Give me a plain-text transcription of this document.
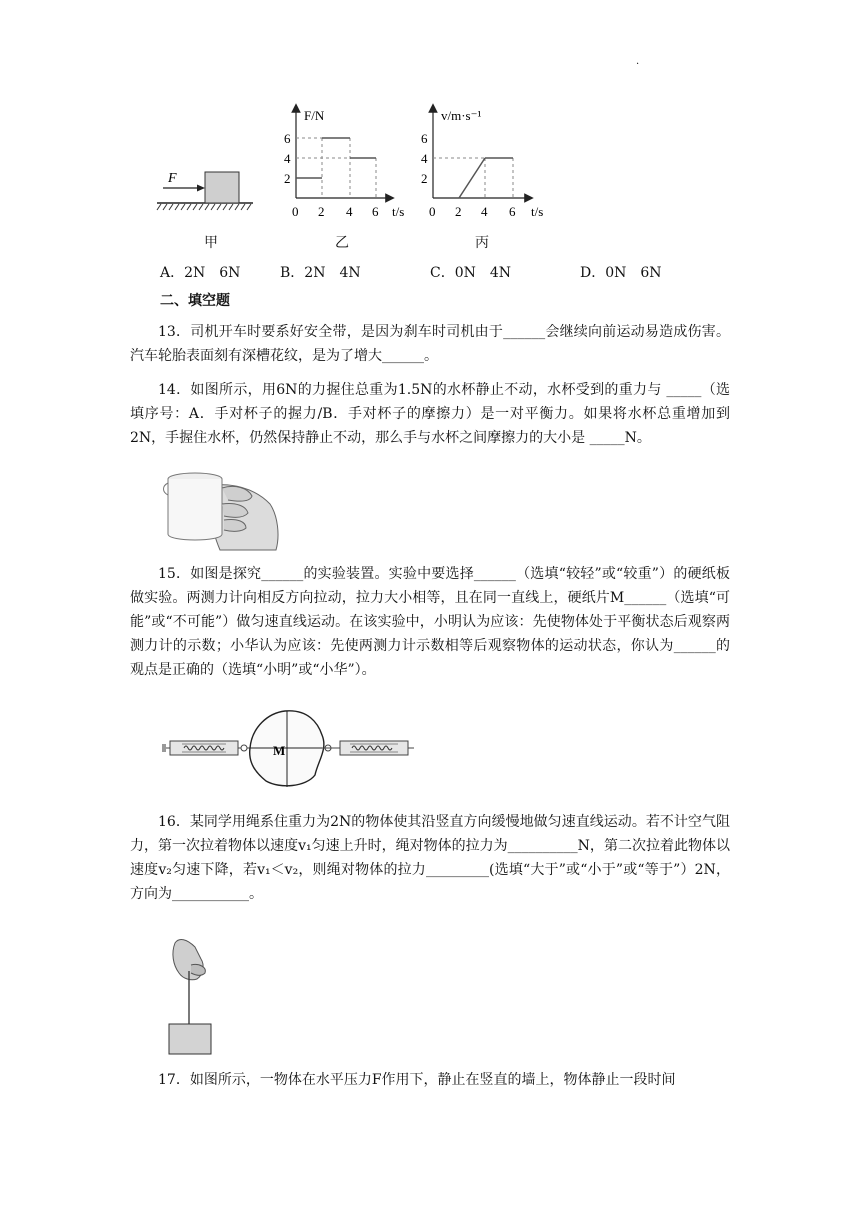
.
F
甲
F/N
t/s
2
4
6
0 2 4 6
乙
v/m·s⁻¹
t/s
2
4
6
0 2 4 6
丙
A．2N　6N	B．2N　4N	C．0N　4N	D．0N　6N
二、填空题
13．司机开车时要系好安全带，是因为刹车时司机由于______会继续向前运动易造成伤害。汽车轮胎表面刻有深槽花纹，是为了增大______。
14．如图所示，用6N的力握住总重为1.5N的水杯静止不动，水杯受到的重力与 _____（选填序号：A．手对杯子的握力/B．手对杯子的摩擦力）是一对平衡力。如果将水杯总重增加到2N，手握住水杯，仍然保持静止不动，那么手与水杯之间摩擦力的大小是 _____N。
15．如图是探究______的实验装置。实验中要选择______（选填“较轻”或“较重”）的硬纸板做实验。两测力计向相反方向拉动，拉力大小相等，且在同一直线上，硬纸片M______（选填“可能”或“不可能”）做匀速直线运动。在该实验中，小明认为应该：先使物体处于平衡状态后观察两测力计的示数；小华认为应该：先使两测力计示数相等后观察物体的运动状态，你认为______的观点是正确的（选填“小明”或“小华”）。
M
16．某同学用绳系住重力为2N的物体使其沿竖直方向缓慢地做匀速直线运动。若不计空气阻力，第一次拉着物体以速度v₁匀速上升时，绳对物体的拉力为__________N，第二次拉着此物体以速度v₂匀速下降，若v₁＜v₂，则绳对物体的拉力_________(选填“大于”或“小于”或“等于”）2N，方向为___________。
17．如图所示，一物体在水平压力F作用下，静止在竖直的墙上，物体静止一段时间
